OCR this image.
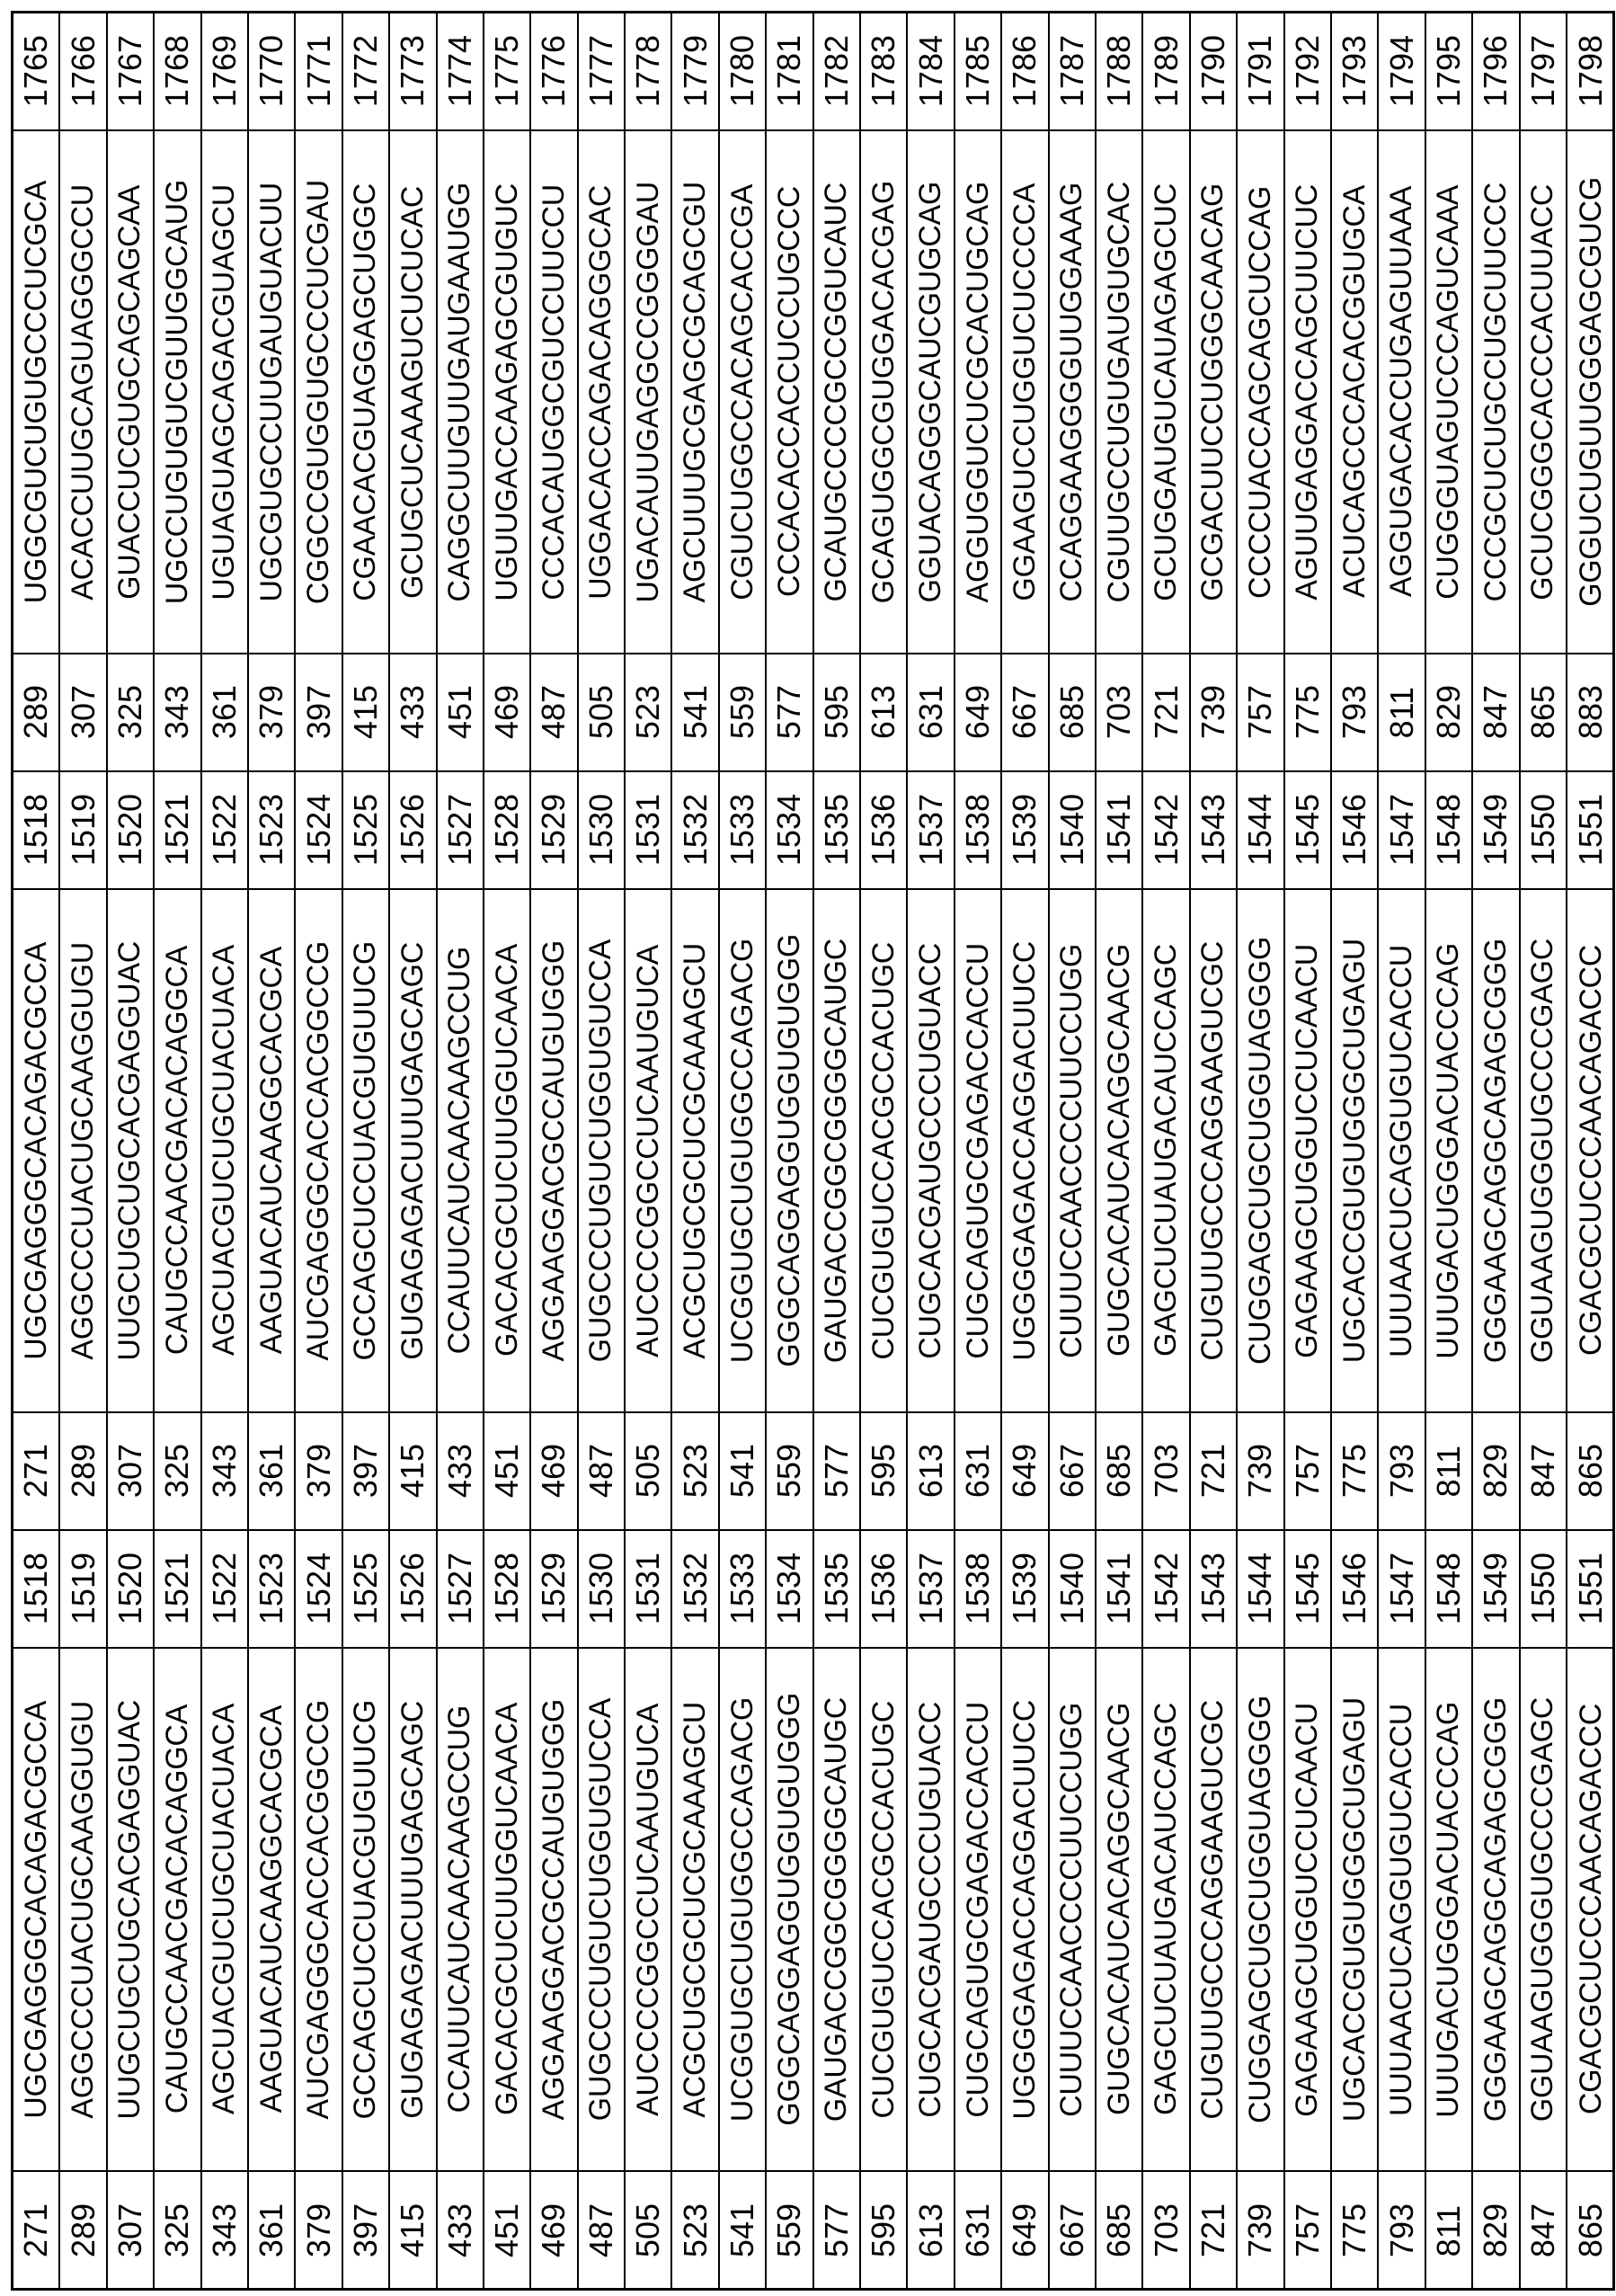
1765 1766 1767 1768 1769 1770 1771 1772 1773 1774 1775 1776 1777 1778 1779 1780 1781 1782 1783 1784 1785 1786 1787 1788 1789 1790 1791 1792 1793 1794 1795 1796 1797 1798
UGGCGUCUGUGCCCUCGCA ACACCUUGCAGUAGGGCCU GUACCUCGUGCAGCAGCAA UGCCUGUGUCGUUGGCAUG UGUAGUAGCAGACGUAGCU UGCGUGCCUUGAUGUACUU CGGCCGUGGUGCCCUCGAU CGAACACGUAGGAGCUGGC GCUGCUCAAAGUCUCUCAC CAGGCUUGUUGAUGAAUGG UGUUGACCAAGAGCGUGUC CCCACAUGGCGUCCUUCCU UGGACACCAGACAGGGCAC UGACAUUGAGGCCGGGGAU AGCUUUGCGAGCGCAGCGU CGUCUGGCCACAGCACCGA CCCACACCACCUCCUGCCC GCAUGCCCCGCCGGUCAUC GCAGUGGCGUGGACACGAG GGUACAGGGCAUCGUGCAG AGGUGGUCUCGCACUGCAG GGAAGUCCUGGUCUCCCCA CCAGGAAGGGGUUGGAAAG CGUUGCCUGUGAUGUGCAC GCUGGAUGUCAUAGAGCUC GCGACUUCCUGGGCAACAG CCCCUACCAGCAGCUCCAG AGUUGAGGACCAGCUUCUC ACUCAGCCCACACGGUGCA AGGUGACACCUGAGUUAAA CUGGGUAGUCCCAGUCAAA CCCGCUCUGCCUGCUUCCC GCUCGGGCACCCACUUACC GGGUCUGUUGGGAGCGUCG
289 307 325 343 361 379 397 415 433 451 469 487 505 523 541 559 577 595 613 631 649 667 685 703 721 739 757 775 793 811 829 847 865 883
1518 1519 1520 1521 1522 1523 1524 1525 1526 1527 1528 1529 1530 1531 1532 1533 1534 1535 1536 1537 1538 1539 1540 1541 1542 1543 1544 1545 1546 1547 1548 1549 1550 1551
UGCGAGGGCACAGACGCCA AGGCCCUACUGCAAGGUGU UUGCUGCUGCACGAGGUAC CAUGCCAACGACACAGGCA AGCUACGUCUGCUACUACA AAGUACAUCAAGGCACGCA AUCGAGGGCACCACGGCCG GCCAGCUCCUACGUGUUCG GUGAGAGACUUUGAGCAGC CCAUUCAUCAACAAGCCUG GACACGCUCUUGGUCAACA AGGAAGGACGCCAUGUGGG GUGCCCUGUCUGGUGUCCA AUCCCCGGCCUCAAUGUCA ACGCUGCGCUCGCAAAGCU UCGGUGCUGUGGCCAGACG GGGCAGGAGGUGGUGUGGG GAUGACCGGCGGGGCAUGC CUCGUGUCCACGCCACUGC CUGCACGAUGCCCUGUACC CUGCAGUGCGAGACCACCU UGGGGAGACCAGGACUUCC CUUUCCAACCCCUUCCUGG GUGCACAUCACAGGCAACG GAGCUCUAUGACAUCCAGC CUGUUGCCCAGGAAGUCGC CUGGAGCUGCUGGUAGGGG GAGAAGCUGGUCCUCAACU UGCACCGUGUGGGCUGAGU UUUAACUCAGGUGUCACCU UUUGACUGGGACUACCCAG GGGAAGCAGGCAGAGCGGG GGUAAGUGGGUGCCCGAGC CGACGCUCCCAACAGACCC
271 289 307 325 343 361 379 397 415 433 451 469 487 505 523 541 559 577 595 613 631 649 667 685 703 721 739 757 775 793 811 829 847 865
1518 1519 1520 1521 1522 1523 1524 1525 1526 1527 1528 1529 1530 1531 1532 1533 1534 1535 1536 1537 1538 1539 1540 1541 1542 1543 1544 1545 1546 1547 1548 1549 1550 1551
UGCGAGGGCACAGACGCCA AGGCCCUACUGCAAGGUGU UUGCUGCUGCACGAGGUAC CAUGCCAACGACACAGGCA AGCUACGUCUGCUACUACA AAGUACAUCAAGGCACGCA AUCGAGGGCACCACGGCCG GCCAGCUCCUACGUGUUCG GUGAGAGACUUUGAGCAGC CCAUUCAUCAACAAGCCUG GACACGCUCUUGGUCAACA AGGAAGGACGCCAUGUGGG GUGCCCUGUCUGGUGUCCA AUCCCCGGCCUCAAUGUCA ACGCUGCGCUCGCAAAGCU UCGGUGCUGUGGCCAGACG GGGCAGGAGGUGGUGUGGG GAUGACCGGCGGGGCAUGC CUCGUGUCCACGCCACUGC CUGCACGAUGCCCUGUACC CUGCAGUGCGAGACCACCU UGGGGAGACCAGGACUUCC CUUUCCAACCCCUUCCUGG GUGCACAUCACAGGCAACG GAGCUCUAUGACAUCCAGC CUGUUGCCCAGGAAGUCGC CUGGAGCUGCUGGUAGGGG GAGAAGCUGGUCCUCAACU UGCACCGUGUGGGCUGAGU UUUAACUCAGGUGUCACCU UUUGACUGGGACUACCCAG GGGAAGCAGGCAGAGCGGG GGUAAGUGGGUGCCCGAGC CGACGCUCCCAACAGACCC
271 289 307 325 343 361 379 397 415 433 451 469 487 505 523 541 559 577 595 613 631 649 667 685 703 721 739 757 775 793 811 829 847 865
